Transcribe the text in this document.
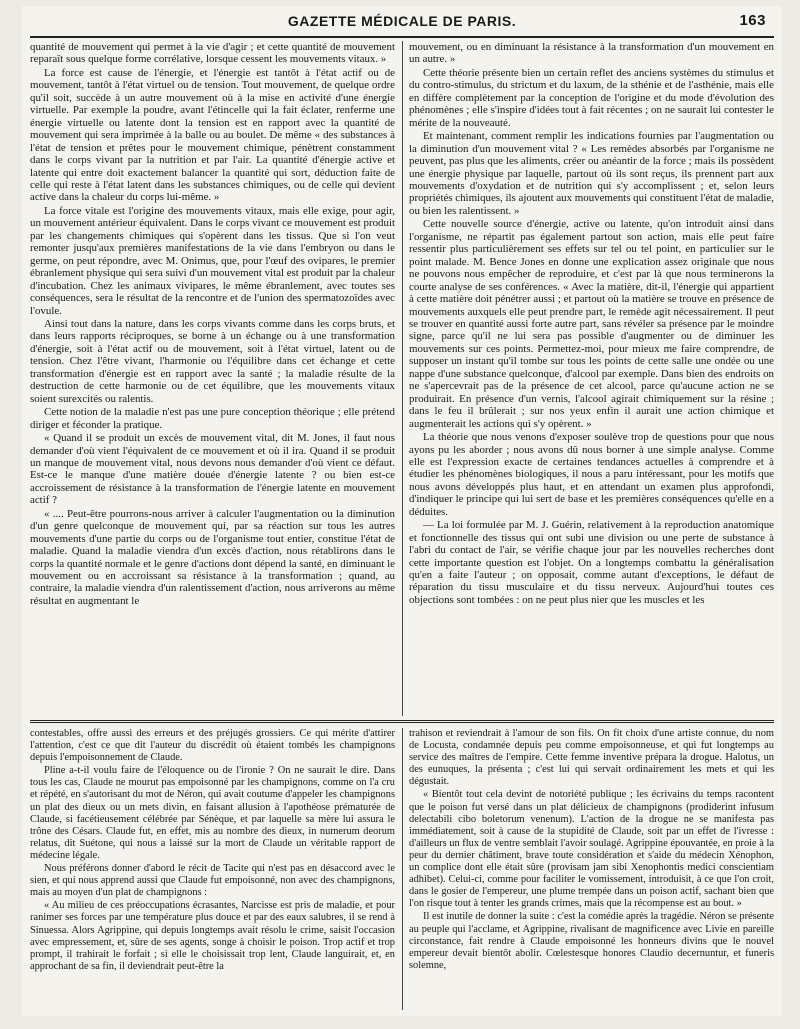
GAZETTE MÉDICALE DE PARIS.	163

quantité de mouvement qui permet à la vie d'agir ; et cette quantité de mouvement reparaît sous quelque forme corrélative, lorsque cessent les mouvements vitaux. »

La force est cause de l'énergie, et l'énergie est tantôt à l'état actif ou de mouvement, tantôt à l'état virtuel ou de tension. Tout mouvement, de quelque ordre qu'il soit, succède à un autre mouvement où à la mise en activité d'une énergie virtuelle. Par exemple la poudre, avant l'étincelle qui la fait éclater, renferme une énergie virtuelle ou latente dont la tension est en rapport avec la quantité de mouvement qui sera imprimée à la balle ou au boulet. De même « des substances à l'état de tension et prêtes pour le mouvement chimique, pénètrent constamment dans le corps vivant par la nutrition et par l'air. La quantité d'énergie active et latente qui entre doit exactement balancer la quantité qui sort, déduction faite de celle qui reste à l'état latent dans les substances chimiques, ou de celle qui devient active dans la chaleur du corps lui-même. »

La force vitale est l'origine des mouvements vitaux, mais elle exige, pour agir, un mouvement antérieur équivalent. Dans le corps vivant ce mouvement est produit par les changements chimiques qui s'opèrent dans les tissus. Que si l'on veut remonter jusqu'aux premières manifestations de la vie dans l'embryon ou dans le germe, on peut répondre, avec M. Onimus, que, pour l'œuf des ovipares, le premier ébranlement physique qui sera suivi d'un mouvement vital est produit par la chaleur d'incubation. Chez les animaux vivipares, le même ébranlement, avec toutes ses conséquences, sera le résultat de la rencontre et de l'union des spermatozoïdes avec l'ovule.

Ainsi tout dans la nature, dans les corps vivants comme dans les corps bruts, et dans leurs rapports réciproques, se borne à un échange ou à une transformation d'énergie, soit à l'état actif ou de mouvement, soit à l'état virtuel, latent ou de tension. Chez l'être vivant, l'harmonie ou l'équilibre dans cet échange et cette transformation d'énergie est en rapport avec la santé ; la maladie résulte de la destruction de cette harmonie ou de cet équilibre, que les mouvements vitaux soient surexcités ou ralentis.

Cette notion de la maladie n'est pas une pure conception théorique ; elle prétend diriger et féconder la pratique.

« Quand il se produit un excès de mouvement vital, dit M. Jones, il faut nous demander d'où vient l'équivalent de ce mouvement et où il ira. Quand il se produit un manque de mouvement vital, nous devons nous demander d'où vient ce défaut. Est-ce le manque d'une matière douée d'énergie latente ? ou bien est-ce accroissement de résistance à la transformation de l'énergie latente en mouvement actif ?

« .... Peut-être pourrons-nous arriver à calculer l'augmentation ou la diminution d'un genre quelconque de mouvement qui, par sa réaction sur tous les autres mouvements d'une partie du corps ou de l'organisme tout entier, constitue l'état de maladie. Quand la maladie viendra d'un excès d'action, nous rétablirons dans le corps la quantité normale et le genre d'actions dont dépend la santé, en diminuant le mouvement ou en accroissant sa résistance à la transformation ; quand, au contraire, la maladie viendra d'un ralentissement d'action, nous arriverons au même résultat en augmentant le

mouvement, ou en diminuant la résistance à la transformation d'un mouvement en un autre. »

Cette théorie présente bien un certain reflet des anciens systèmes du stimulus et du contro-stimulus, du strictum et du laxum, de la sthénie et de l'asthénie, mais elle en diffère complètement par la conception de l'origine et du mode d'évolution des phénomènes ; elle s'inspire d'idées tout à fait récentes ; on ne saurait lui contester le mérite de la nouveauté.

Et maintenant, comment remplir les indications fournies par l'augmentation ou la diminution d'un mouvement vital ? « Les remèdes absorbés par l'organisme ne peuvent, pas plus que les aliments, créer ou anéantir de la force ; mais ils possèdent une énergie physique par laquelle, partout où ils sont reçus, ils prennent part aux mouvements d'oxydation et de nutrition qui s'y accomplissent ; et, selon leurs propriétés chimiques, ils ajoutent aux mouvements qui constituent l'état de maladie, ou bien les ralentissent. »

Cette nouvelle source d'énergie, active ou latente, qu'on introduit ainsi dans l'organisme, ne répartit pas également partout son action, mais elle peut faire ressentir plus particulièrement ses effets sur tel ou tel point, en particulier sur le point malade. M. Bence Jones en donne une explication assez originale que nous ne pouvons nous empêcher de reproduire, et c'est par là que nous terminerons la courte analyse de ses conférences. « Avec la matière, dit-il, l'énergie qui appartient à cette matière doit pénétrer aussi ; et partout où la matière se trouve en présence de mouvements auxquels elle peut prendre part, le remède agit nécessairement. Il peut se trouver en quantité aussi forte autre part, sans révéler sa présence par le moindre signe, parce qu'il ne lui sera pas possible d'augmenter ou de diminuer les mouvements sur ces points. Permettez-moi, pour mieux me faire comprendre, de supposer un instant qu'il tombe sur tous les points de cette salle une ondée ou une nappe d'une substance quelconque, d'alcool par exemple. Dans bien des endroits on ne s'apercevrait pas de la présence de cet alcool, parce qu'aucune action ne se produirait. En présence d'un vernis, l'alcool agirait chimiquement sur la résine ; dans le feu il brûlerait ; sur nos yeux enfin il aurait une action chimique et augmenterait les actions qui s'y opèrent. »

La théorie que nous venons d'exposer soulève trop de questions pour que nous ayons pu les aborder ; nous avons dû nous borner à une simple analyse. Comme elle est l'expression exacte de certaines tendances actuelles à comprendre et à étudier les phénomènes biologiques, il nous a paru intéressant, pour les motifs que nous avons développés plus haut, et en attendant un examen plus approfondi, d'indiquer le principe qui lui sert de base et les premières conséquences qu'elle en a déduites.

— La loi formulée par M. J. Guérin, relativement à la reproduction anatomique et fonctionnelle des tissus qui ont subi une division ou une perte de substance à l'abri du contact de l'air, se vérifie chaque jour par les nouvelles recherches dont cette importante question est l'objet. On a longtemps combattu la généralisation qu'en a faite l'auteur ; on opposait, comme autant d'exceptions, le défaut de réparation du tissu musculaire et du tissu nerveux. Aujourd'hui toutes ces objections sont tombées : on ne peut plus nier que les muscles et les

contestables, offre aussi des erreurs et des préjugés grossiers. Ce qui mérite d'attirer l'attention, c'est ce que dit l'auteur du discrédit où étaient tombés les champignons depuis l'empoisonnement de Claude.

Pline a-t-il voulu faire de l'éloquence ou de l'ironie ? On ne saurait le dire. Dans tous les cas, Claude ne mourut pas empoisonné par les champignons, comme on l'a cru et répété, en s'autorisant du mot de Néron, qui avait coutume d'appeler les champignons un plat des dieux ou un mets divin, en faisant allusion à l'apothéose prématurée de Claude, si facétieusement célébrée par Sénèque, et par laquelle sa mère lui assura le trône des Césars. Claude fut, en effet, mis au nombre des dieux, in numerum deorum relatus, dit Suétone, qui nous a laissé sur la mort de Claude un véritable rapport de médecine légale.

Nous préférons donner d'abord le récit de Tacite qui n'est pas en désaccord avec le sien, et qui nous apprend aussi que Claude fut empoisonné, non avec des champignons, mais au moyen d'un plat de champignons :

« Au milieu de ces préoccupations écrasantes, Narcisse est pris de maladie, et pour ranimer ses forces par une température plus douce et par des eaux salubres, il se rend à Sinuessa. Alors Agrippine, qui depuis longtemps avait résolu le crime, saisit l'occasion avec empressement, et, sûre de ses agents, songe à choisir le poison. Trop actif et trop prompt, il trahirait le forfait ; si elle le choisissait trop lent, Claude languirait, et, en approchant de sa fin, il deviendrait peut-être la

trahison et reviendrait à l'amour de son fils. On fit choix d'une artiste connue, du nom de Locusta, condamnée depuis peu comme empoisonneuse, et qui fut longtemps au service des maîtres de l'empire. Cette femme inventive prépara la drogue. Halotus, un des eunuques, la présenta ; c'est lui qui servait ordinairement les mets et qui les dégustait.

« Bientôt tout cela devint de notoriété publique ; les écrivains du temps racontent que le poison fut versé dans un plat délicieux de champignons (prodiderint infusum delectabili cibo boletorum venenum). L'action de la drogue ne se manifesta pas immédiatement, soit à cause de la stupidité de Claude, soit par un effet de l'ivresse : d'ailleurs un flux de ventre semblait l'avoir soulagé. Agrippine épouvantée, en proie à la peur du dernier châtiment, brave toute considération et s'aide du médecin Xénophon, un complice dont elle était sûre (provisam jam sibi Xenophontis medici conscientiam adhibet). Celui-ci, comme pour faciliter le vomissement, introduisit, à ce que l'on croit, dans le gosier de l'empereur, une plume trempée dans un poison actif, sachant bien que l'on risque tout à tenter les grands crimes, mais que la récompense est au bout. »

Il est inutile de donner la suite : c'est la comédie après la tragédie. Néron se présente au peuple qui l'acclame, et Agrippine, rivalisant de magnificence avec Livie en pareille circonstance, fait rendre à Claude empoisonné les honneurs divins que le nouvel empereur devait bientôt abolir. Cœlestesque honores Claudio decernuntur, et funeris solemne,
